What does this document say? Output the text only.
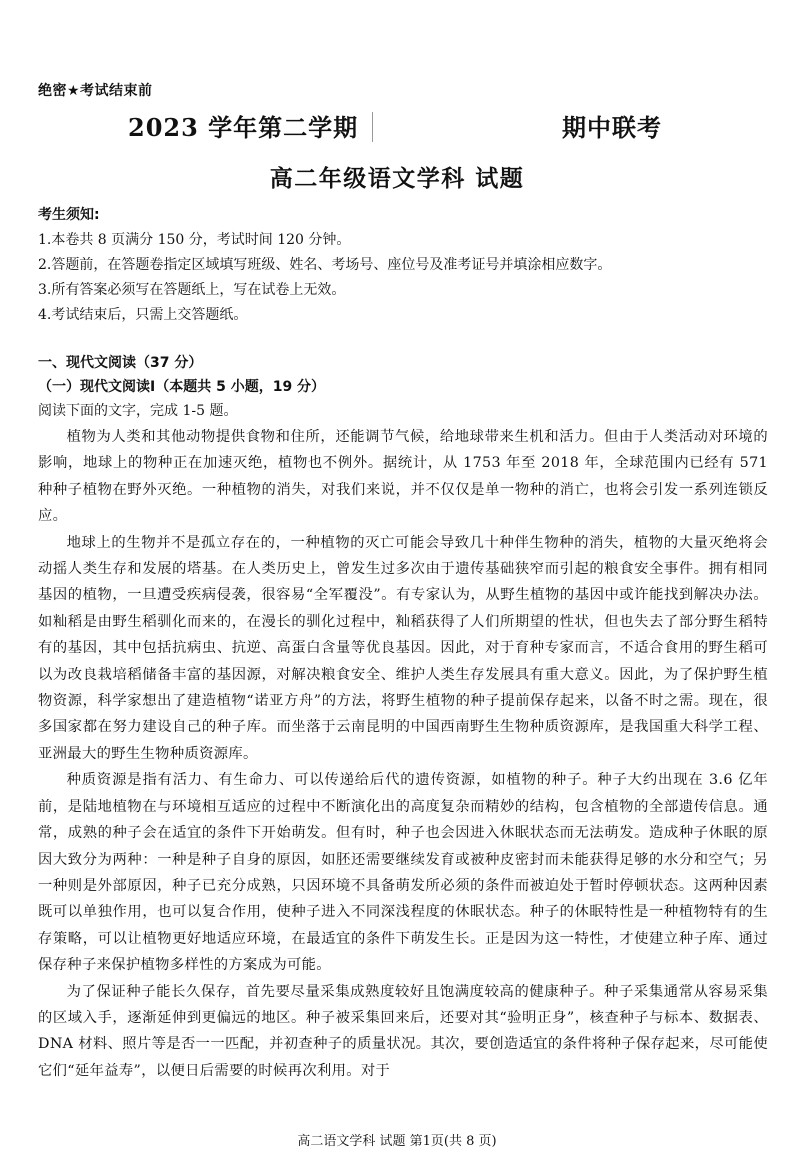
绝密★考试结束前
2023 学年第二学期	期中联考
高二年级语文学科 试题
考生须知:
1.本卷共 8 页满分 150 分，考试时间 120 分钟。
2.答题前，在答题卷指定区域填写班级、姓名、考场号、座位号及准考证号并填涂相应数字。
3.所有答案必须写在答题纸上，写在试卷上无效。
4.考试结束后，只需上交答题纸。
一、现代文阅读（37 分）
（一）现代文阅读Ⅰ（本题共 5 小题，19 分）
阅读下面的文字，完成 1-5 题。

植物为人类和其他动物提供食物和住所，还能调节气候，给地球带来生机和活力。但由于人类活动对环境的影响，地球上的物种正在加速灭绝，植物也不例外。据统计，从 1753 年至 2018 年，全球范围内已经有 571 种种子植物在野外灭绝。一种植物的消失，对我们来说，并不仅仅是单一物种的消亡，也将会引发一系列连锁反应。

地球上的生物并不是孤立存在的，一种植物的灭亡可能会导致几十种伴生物种的消失，植物的大量灭绝将会动摇人类生存和发展的塔基。在人类历史上，曾发生过多次由于遗传基础狭窄而引起的粮食安全事件。拥有相同基因的植物，一旦遭受疾病侵袭，很容易“全军覆没”。有专家认为，从野生植物的基因中或许能找到解决办法。如籼稻是由野生稻驯化而来的，在漫长的驯化过程中，籼稻获得了人们所期望的性状，但也失去了部分野生稻特有的基因，其中包括抗病虫、抗逆、高蛋白含量等优良基因。因此，对于育种专家而言，不适合食用的野生稻可以为改良栽培稻储备丰富的基因源，对解决粮食安全、维护人类生存发展具有重大意义。因此，为了保护野生植物资源，科学家想出了建造植物“诺亚方舟”的方法，将野生植物的种子提前保存起来，以备不时之需。现在，很多国家都在努力建设自己的种子库。而坐落于云南昆明的中国西南野生生物种质资源库，是我国重大科学工程、亚洲最大的野生生物种质资源库。

种质资源是指有活力、有生命力、可以传递给后代的遗传资源，如植物的种子。种子大约出现在 3.6 亿年前，是陆地植物在与环境相互适应的过程中不断演化出的高度复杂而精妙的结构，包含植物的全部遗传信息。通常，成熟的种子会在适宜的条件下开始萌发。但有时，种子也会因进入休眠状态而无法萌发。造成种子休眠的原因大致分为两种：一种是种子自身的原因，如胚还需要继续发育或被种皮密封而未能获得足够的水分和空气；另一种则是外部原因，种子已充分成熟，只因环境不具备萌发所必须的条件而被迫处于暂时停顿状态。这两种因素既可以单独作用，也可以复合作用，使种子进入不同深浅程度的休眠状态。种子的休眠特性是一种植物特有的生存策略，可以让植物更好地适应环境，在最适宜的条件下萌发生长。正是因为这一特性，才使建立种子库、通过保存种子来保护植物多样性的方案成为可能。

为了保证种子能长久保存，首先要尽量采集成熟度较好且饱满度较高的健康种子。种子采集通常从容易采集的区域入手，逐渐延伸到更偏远的地区。种子被采集回来后，还要对其“验明正身”，核查种子与标本、数据表、DNA 材料、照片等是否一一匹配，并初查种子的质量状况。其次，要创造适宜的条件将种子保存起来，尽可能使它们“延年益寿”，以便日后需要的时候再次利用。对于

高二语文学科 试题 第1页(共 8 页)
